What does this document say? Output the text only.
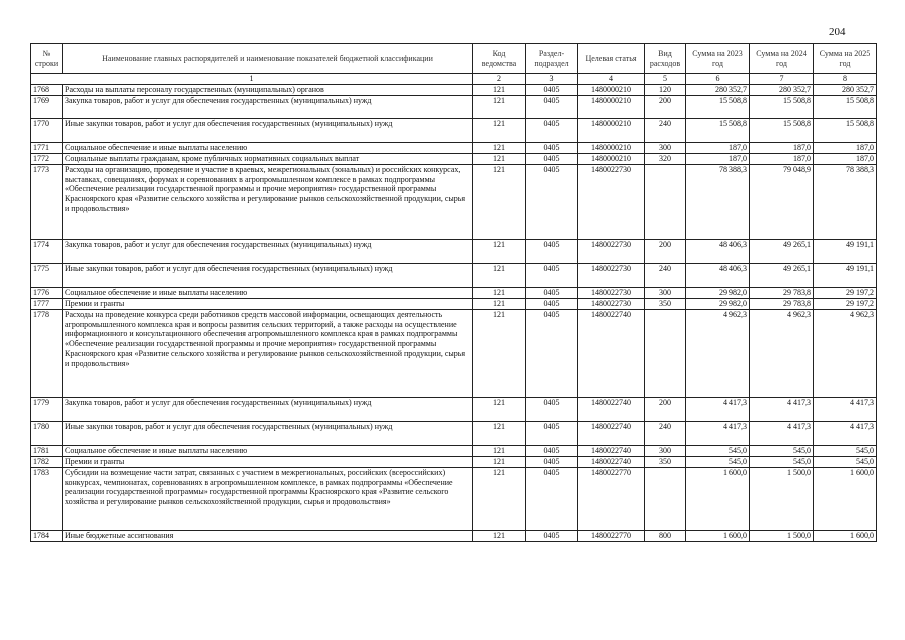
204
№ строки	Наименование главных распорядителей и наименование показателей бюджетной классификации	Код ведомства	Раздел-подраздел	Целевая статья	Вид расходов	Сумма на 2023 год	Сумма на 2024 год	Сумма на 2025 год
1		2	3	4	5	6	7	8
1768	Расходы на выплаты персоналу государственных (муниципальных) органов	121	0405	1480000210	120	280 352,7	280 352,7	280 352,7
1769	Закупка товаров, работ и услуг для обеспечения государственных (муниципальных) нужд	121	0405	1480000210	200	15 508,8	15 508,8	15 508,8
1770	Иные закупки товаров, работ и услуг для обеспечения государственных (муниципальных) нужд	121	0405	1480000210	240	15 508,8	15 508,8	15 508,8
1771	Социальное обеспечение и иные выплаты населению	121	0405	1480000210	300	187,0	187,0	187,0
1772	Социальные выплаты гражданам, кроме публичных нормативных социальных выплат	121	0405	1480000210	320	187,0	187,0	187,0
1773	Расходы на организацию, проведение и участие в краевых, межрегиональных (зональных) и российских конкурсах, выставках, совещаниях, форумах и соревнованиях в агропромышленном комплексе в рамках подпрограммы «Обеспечение реализации государственной программы и прочие мероприятия» государственной программы Красноярского края «Развитие сельского хозяйства и регулирование рынков сельскохозяйственной продукции, сырья и продовольствия»	121	0405	1480022730		78 388,3	79 048,9	78 388,3
1774	Закупка товаров, работ и услуг для обеспечения государственных (муниципальных) нужд	121	0405	1480022730	200	48 406,3	49 265,1	49 191,1
1775	Иные закупки товаров, работ и услуг для обеспечения государственных (муниципальных) нужд	121	0405	1480022730	240	48 406,3	49 265,1	49 191,1
1776	Социальное обеспечение и иные выплаты населению	121	0405	1480022730	300	29 982,0	29 783,8	29 197,2
1777	Премии и гранты	121	0405	1480022730	350	29 982,0	29 783,8	29 197,2
1778	Расходы на проведение конкурса среди работников средств массовой информации, освещающих деятельность агропромышленного комплекса края и вопросы развития сельских территорий, а также расходы на осуществление информационного и консультационного обеспечения агропромышленного комплекса края в рамках подпрограммы «Обеспечение реализации государственной программы и прочие мероприятия» государственной программы Красноярского края «Развитие сельского хозяйства и регулирование рынков сельскохозяйственной продукции, сырья и продовольствия»	121	0405	1480022740		4 962,3	4 962,3	4 962,3
1779	Закупка товаров, работ и услуг для обеспечения государственных (муниципальных) нужд	121	0405	1480022740	200	4 417,3	4 417,3	4 417,3
1780	Иные закупки товаров, работ и услуг для обеспечения государственных (муниципальных) нужд	121	0405	1480022740	240	4 417,3	4 417,3	4 417,3
1781	Социальное обеспечение и иные выплаты населению	121	0405	1480022740	300	545,0	545,0	545,0
1782	Премии и гранты	121	0405	1480022740	350	545,0	545,0	545,0
1783	Субсидии на возмещение части затрат, связанных с участием в межрегиональных, российских (всероссийских) конкурсах, чемпионатах, соревнованиях в агропромышленном комплексе, в рамках подпрограммы «Обеспечение реализации государственной программы» государственной программы Красноярского края «Развитие сельского хозяйства и регулирование рынков сельскохозяйственной продукции, сырья и продовольствия»	121	0405	1480022770		1 600,0	1 500,0	1 600,0
1784	Иные бюджетные ассигнования	121	0405	1480022770	800	1 600,0	1 500,0	1 600,0
